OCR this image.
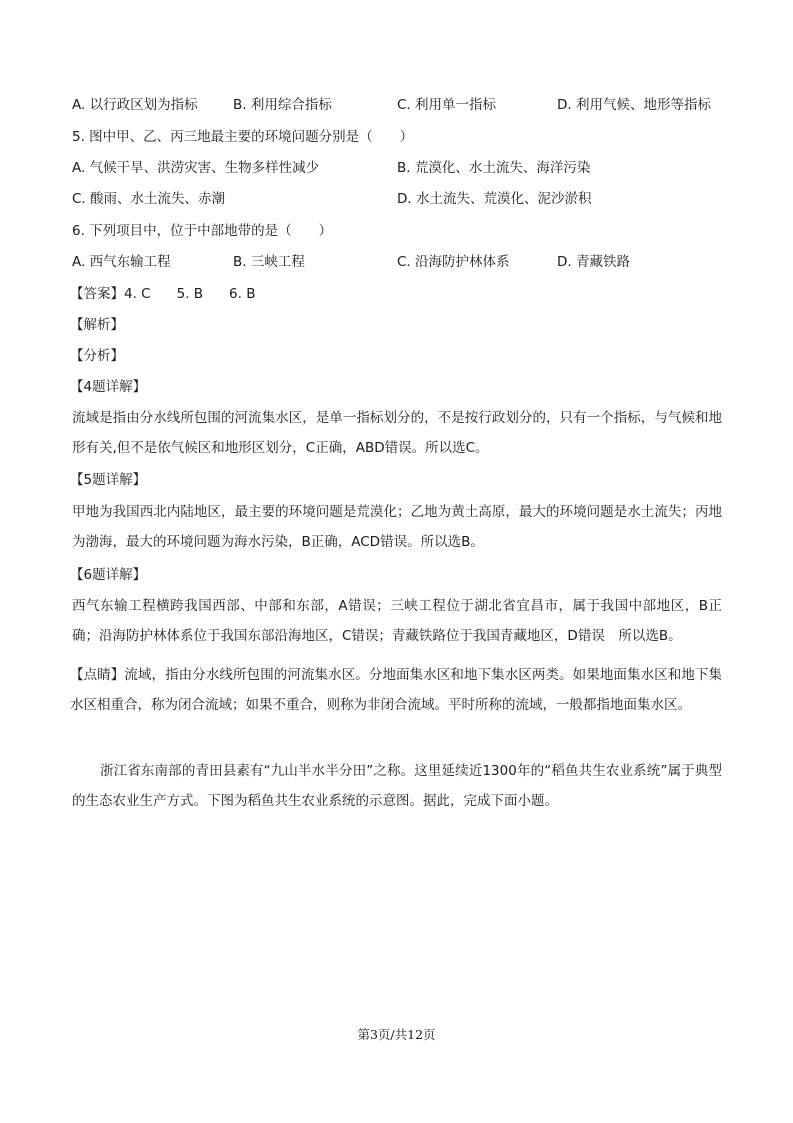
A. 以行政区划为指标	B. 利用综合指标	C. 利用单一指标	D. 利用气候、地形等指标
5. 图中甲、乙、丙三地最主要的环境问题分别是（　　）
A. 气候干旱、洪涝灾害、生物多样性减少	B. 荒漠化、水土流失、海洋污染
C. 酸雨、水土流失、赤潮	D. 水土流失、荒漠化、泥沙淤积
6. 下列项目中，位于中部地带的是（　　）
A. 西气东输工程	B. 三峡工程	C. 沿海防护林体系	D. 青藏铁路
【答案】4. C 5. B 6. B
【解析】
【分析】
【4题详解】
流域是指由分水线所包围的河流集水区，是单一指标划分的，不是按行政划分的，只有一个指标，与气候和地形有关,但不是依气候区和地形区划分，C正确，ABD错误。所以选C。
【5题详解】
甲地为我国西北内陆地区，最主要的环境问题是荒漠化；乙地为黄土高原，最大的环境问题是水土流失；丙地为渤海，最大的环境问题为海水污染，B正确，ACD错误。所以选B。
【6题详解】
西气东输工程横跨我国西部、中部和东部，A错误；三峡工程位于湖北省宜昌市，属于我国中部地区，B正确；沿海防护林体系位于我国东部沿海地区，C错误；青藏铁路位于我国青藏地区，D错误　所以选B。
【点睛】流域，指由分水线所包围的河流集水区。分地面集水区和地下集水区两类。如果地面集水区和地下集水区相重合，称为闭合流域；如果不重合，则称为非闭合流域。平时所称的流域，一般都指地面集水区。
浙江省东南部的青田县素有“九山半水半分田”之称。这里延续近1300年的“稻鱼共生农业系统”属于典型的生态农业生产方式。下图为稻鱼共生农业系统的示意图。据此，完成下面小题。
第3页/共12页
